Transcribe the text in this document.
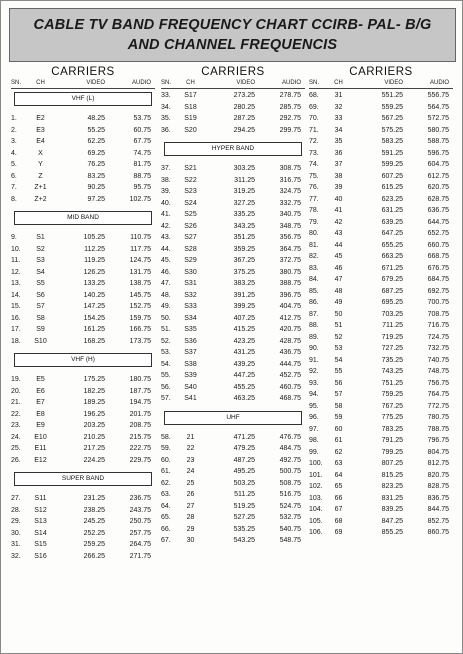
CABLE TV BAND FREQUENCY CHART CCIRB- PAL- B/G
AND CHANNEL FREQUENCIS
CARRIERS
SN.	CH	VIDEO	AUDIO
VHF (L)
1.	E2	48.25	53.75
2.	E3	55.25	60.75
3.	E4	62.25	67.75
4.	X	69.25	74.75
5.	Y	76.25	81.75
6.	Z	83.25	88.75
7.	Z+1	90.25	95.75
8.	Z+2	97.25	102.75
MID BAND
9.	S1	105.25	110.75
10.	S2	112.25	117.75
11.	S3	119.25	124.75
12.	S4	126.25	131.75
13.	S5	133.25	138.75
14.	S6	140.25	145.75
15.	S7	147.25	152.75
16.	S8	154.25	159.75
17.	S9	161.25	166.75
18.	S10	168.25	173.75
VHF (H)
19.	E5	175.25	180.75
20.	E6	182.25	187.75
21.	E7	189.25	194.75
22.	E8	196.25	201.75
23.	E9	203.25	208.75
24.	E10	210.25	215.75
25.	E11	217.25	222.75
26.	E12	224.25	229.75
SUPER BAND
27.	S11	231.25	236.75
28.	S12	238.25	243.75
29.	S13	245.25	250.75
30.	S14	252.25	257.75
31.	S15	259.25	264.75
32.	S16	266.25	271.75
CARRIERS
SN.	CH	VIDEO	AUDIO
33.	S17	273.25	278.75
34.	S18	280.25	285.75
35.	S19	287.25	292.75
36.	S20	294.25	299.75
HYPER BAND
37.	S21	303.25	308.75
38.	S22	311.25	316.75
39.	S23	319.25	324.75
40.	S24	327.25	332.75
41.	S25	335.25	340.75
42.	S26	343.25	348.75
43.	S27	351.25	356.75
44.	S28	359.25	364.75
45.	S29	367.25	372.75
46.	S30	375.25	380.75
47.	S31	383.25	388.75
48.	S32	391.25	396.75
49.	S33	399.25	404.75
50.	S34	407.25	412.75
51.	S35	415.25	420.75
52.	S36	423.25	428.75
53.	S37	431.25	436.75
54.	S38	439.25	444.75
55.	S39	447.25	452.75
56.	S40	455.25	460.75
57.	S41	463.25	468.75
UHF
58.	21	471.25	476.75
59.	22	479.25	484.75
60.	23	487.25	492.75
61.	24	495.25	500.75
62.	25	503.25	508.75
63.	26	511.25	516.75
64.	27	519.25	524.75
65.	28	527.25	532.75
66.	29	535.25	540.75
67.	30	543.25	548.75
CARRIERS
SN.	CH	VIDEO	AUDIO
68.	31	551.25	556.75
69.	32	559.25	564.75
70.	33	567.25	572.75
71.	34	575.25	580.75
72.	35	583.25	588.75
73.	36	591.25	596.75
74.	37	599.25	604.75
75.	38	607.25	612.75
76.	39	615.25	620.75
77.	40	623.25	628.75
78.	41	631.25	636.75
79.	42	639.25	644.75
80.	43	647.25	652.75
81.	44	655.25	660.75
82.	45	663.25	668.75
83.	46	671.25	676.75
84.	47	679.25	684.75
85.	48	687.25	692.75
86.	49	695.25	700.75
87.	50	703.25	708.75
88.	51	711.25	716.75
89.	52	719.25	724.75
90.	53	727.25	732.75
91.	54	735.25	740.75
92.	55	743.25	748.75
93.	56	751.25	756.75
94.	57	759.25	764.75
95.	58	767.25	772.75
96.	59	775.25	780.75
97.	60	783.25	788.75
98.	61	791.25	796.75
99.	62	799.25	804.75
100.	63	807.25	812.75
101.	64	815.25	820.75
102.	65	823.25	828.75
103.	66	831.25	836.75
104.	67	839.25	844.75
105.	68	847.25	852.75
106.	69	855.25	860.75
